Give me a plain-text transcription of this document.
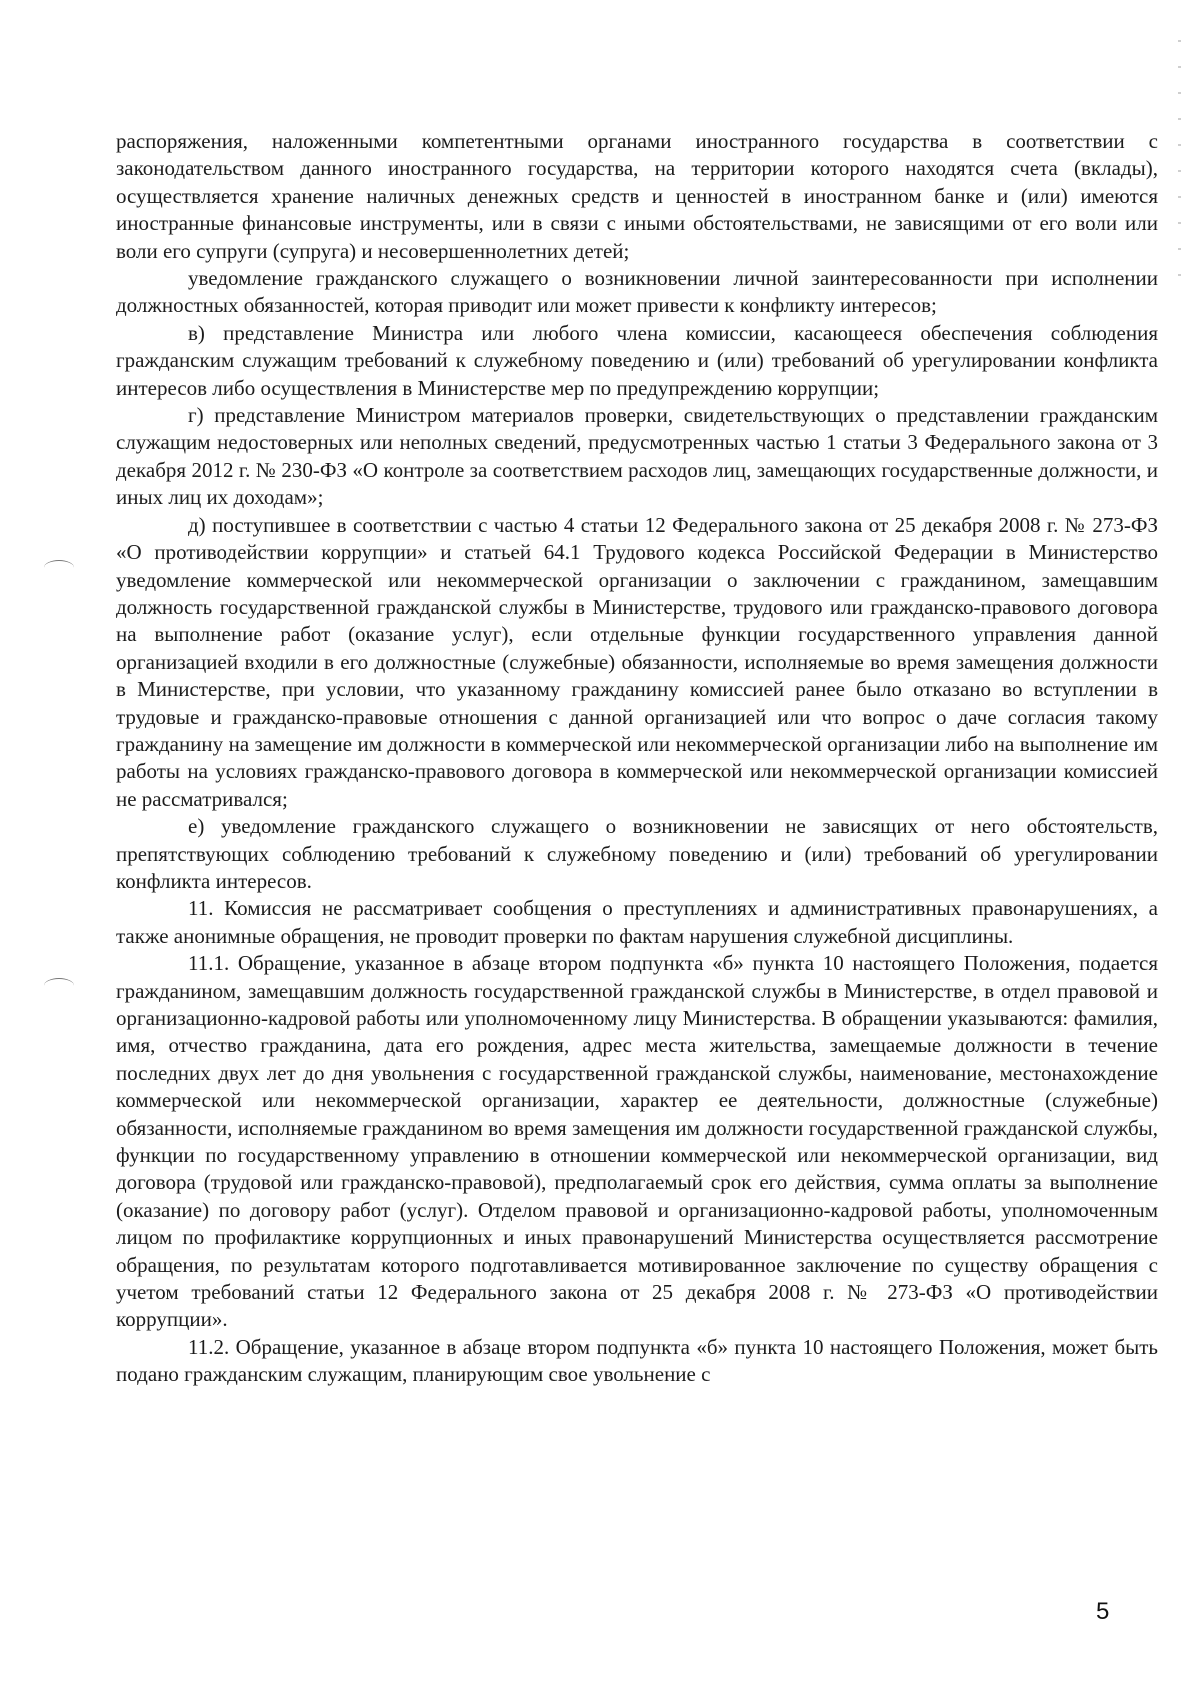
распоряжения, наложенными компетентными органами иностранного государства в соответствии с законодательством данного иностранного государства, на территории которого находятся счета (вклады), осуществляется хранение наличных денежных средств и ценностей в иностранном банке и (или) имеются иностранные финансовые инструменты, или в связи с иными обстоятельствами, не зависящими от его воли или воли его супруги (супруга) и несовершеннолетних детей;

уведомление гражданского служащего о возникновении личной заинтересованности при исполнении должностных обязанностей, которая приводит или может привести к конфликту интересов;

в) представление Министра или любого члена комиссии, касающееся обеспечения соблюдения гражданским служащим требований к служебному поведению и (или) требований об урегулировании конфликта интересов либо осуществления в Министерстве мер по предупреждению коррупции;

г) представление Министром материалов проверки, свидетельствующих о представлении гражданским служащим недостоверных или неполных сведений, предусмотренных частью 1 статьи 3 Федерального закона от 3 декабря 2012 г. № 230-ФЗ «О контроле за соответствием расходов лиц, замещающих государственные должности, и иных лиц их доходам»;

д) поступившее в соответствии с частью 4 статьи 12 Федерального закона от 25 декабря 2008 г. № 273-ФЗ «О противодействии коррупции» и статьей 64.1 Трудового кодекса Российской Федерации в Министерство уведомление коммерческой или некоммерческой организации о заключении с гражданином, замещавшим должность государственной гражданской службы в Министерстве, трудового или гражданско-правового договора на выполнение работ (оказание услуг), если отдельные функции государственного управления данной организацией входили в его должностные (служебные) обязанности, исполняемые во время замещения должности в Министерстве, при условии, что указанному гражданину комиссией ранее было отказано во вступлении в трудовые и гражданско-правовые отношения с данной организацией или что вопрос о даче согласия такому гражданину на замещение им должности в коммерческой или некоммерческой организации либо на выполнение им работы на условиях гражданско-правового договора в коммерческой или некоммерческой организации комиссией не рассматривался;

е) уведомление гражданского служащего о возникновении не зависящих от него обстоятельств, препятствующих соблюдению требований к служебному поведению и (или) требований об урегулировании конфликта интересов.

11. Комиссия не рассматривает сообщения о преступлениях и административных правонарушениях, а также анонимные обращения, не проводит проверки по фактам нарушения служебной дисциплины.

11.1. Обращение, указанное в абзаце втором подпункта «б» пункта 10 настоящего Положения, подается гражданином, замещавшим должность государственной гражданской службы в Министерстве, в отдел правовой и организационно-кадровой работы или уполномоченному лицу Министерства. В обращении указываются: фамилия, имя, отчество гражданина, дата его рождения, адрес места жительства, замещаемые должности в течение последних двух лет до дня увольнения с государственной гражданской службы, наименование, местонахождение коммерческой или некоммерческой организации, характер ее деятельности, должностные (служебные) обязанности, исполняемые гражданином во время замещения им должности государственной гражданской службы, функции по государственному управлению в отношении коммерческой или некоммерческой организации, вид договора (трудовой или гражданско-правовой), предполагаемый срок его действия, сумма оплаты за выполнение (оказание) по договору работ (услуг). Отделом правовой и организационно-кадровой работы, уполномоченным лицом по профилактике коррупционных и иных правонарушений Министерства осуществляется рассмотрение обращения, по результатам которого подготавливается мотивированное заключение по существу обращения с учетом требований статьи 12 Федерального закона от 25 декабря 2008 г. № 273-ФЗ «О противодействии коррупции».

11.2. Обращение, указанное в абзаце втором подпункта «б» пункта 10 настоящего Положения, может быть подано гражданским служащим, планирующим свое увольнение с

5
